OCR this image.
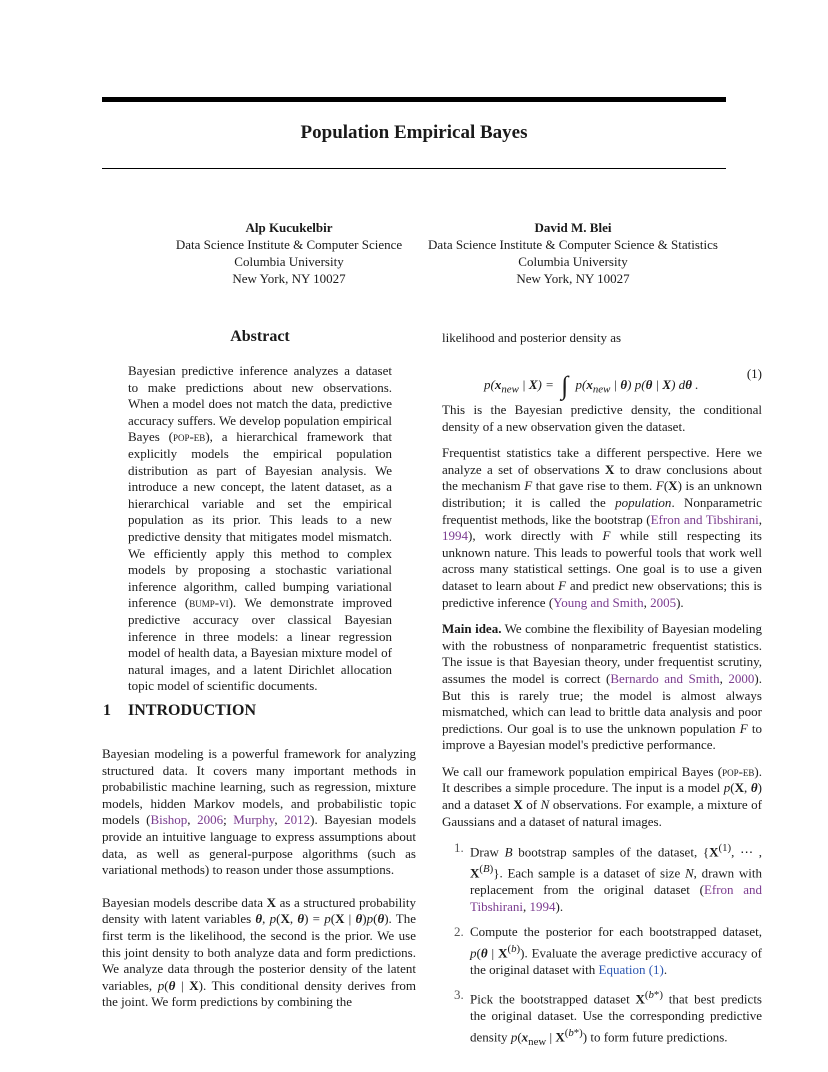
Population Empirical Bayes
Alp Kucukelbir
Data Science Institute & Computer Science
Columbia University
New York, NY 10027
David M. Blei
Data Science Institute & Computer Science & Statistics
Columbia University
New York, NY 10027
Abstract

Bayesian predictive inference analyzes a dataset to make predictions about new observations. When a model does not match the data, predictive accuracy suffers. We develop population empirical Bayes (pop-eb), a hierarchical framework that explicitly models the empirical population distribution as part of Bayesian analysis. We introduce a new concept, the latent dataset, as a hierarchical variable and set the empirical population as its prior. This leads to a new predictive density that mitigates model mismatch. We efficiently apply this method to complex models by proposing a stochastic variational inference algorithm, called bumping variational inference (bump-vi). We demonstrate improved predictive accuracy over classical Bayesian inference in three models: a linear regression model of health data, a Bayesian mixture model of natural images, and a latent Dirichlet allocation topic model of scientific documents.

1 INTRODUCTION

Bayesian modeling is a powerful framework for analyzing structured data. It covers many important methods in probabilistic machine learning, such as regression, mixture models, hidden Markov models, and probabilistic topic models (Bishop, 2006; Murphy, 2012). Bayesian models provide an intuitive language to express assumptions about data, as well as general-purpose algorithms (such as variational methods) to reason under those assumptions.

Bayesian models describe data X as a structured probability density with latent variables θ, p(X, θ) = p(X | θ)p(θ). The first term is the likelihood, the second is the prior. We use this joint density to both analyze data and form predictions. We analyze data through the posterior density of the latent variables, p(θ | X). This conditional density derives from the joint. We form predictions by combining the

likelihood and posterior density as

$p(x_{new}$ | X) = ∫ $p(x_{new}$ | θ) p(θ | X) dθ .
(1)

This is the Bayesian predictive density, the conditional density of a new observation given the dataset.

Frequentist statistics take a different perspective. Here we analyze a set of observations X to draw conclusions about the mechanism F that gave rise to them. F(X) is an unknown distribution; it is called the population. Nonparametric frequentist methods, like the bootstrap (Efron and Tibshirani, 1994), work directly with F while still respecting its unknown nature. This leads to powerful tools that work well across many statistical settings. One goal is to use a given dataset to learn about F and predict new observations; this is predictive inference (Young and Smith, 2005).

Main idea. We combine the flexibility of Bayesian modeling with the robustness of nonparametric frequentist statistics. The issue is that Bayesian theory, under frequentist scrutiny, assumes the model is correct (Bernardo and Smith, 2000). But this is rarely true; the model is almost always mismatched, which can lead to brittle data analysis and poor predictions. Our goal is to use the unknown population F to improve a Bayesian model's predictive performance.

We call our framework population empirical Bayes (pop-eb). It describes a simple procedure. The input is a model p(X, θ) and a dataset X of N observations. For example, a mixture of Gaussians and a dataset of natural images.

1. Draw B bootstrap samples of the dataset, {$X^{(1)}$, ⋯ , $X^{(B)}$}. Each sample is a dataset of size N, drawn with replacement from the original dataset (Efron and Tibshirani, 1994).
2. Compute the posterior for each bootstrapped dataset, p(θ | $X^{(b)}$). Evaluate the average predictive accuracy of the original dataset with Equation (1).
3. Pick the bootstrapped dataset $X^{(b*)}$ that best predicts the original dataset. Use the corresponding predictive density $p(x_{new}$ | $X^{(b*)}$) to form future predictions.
